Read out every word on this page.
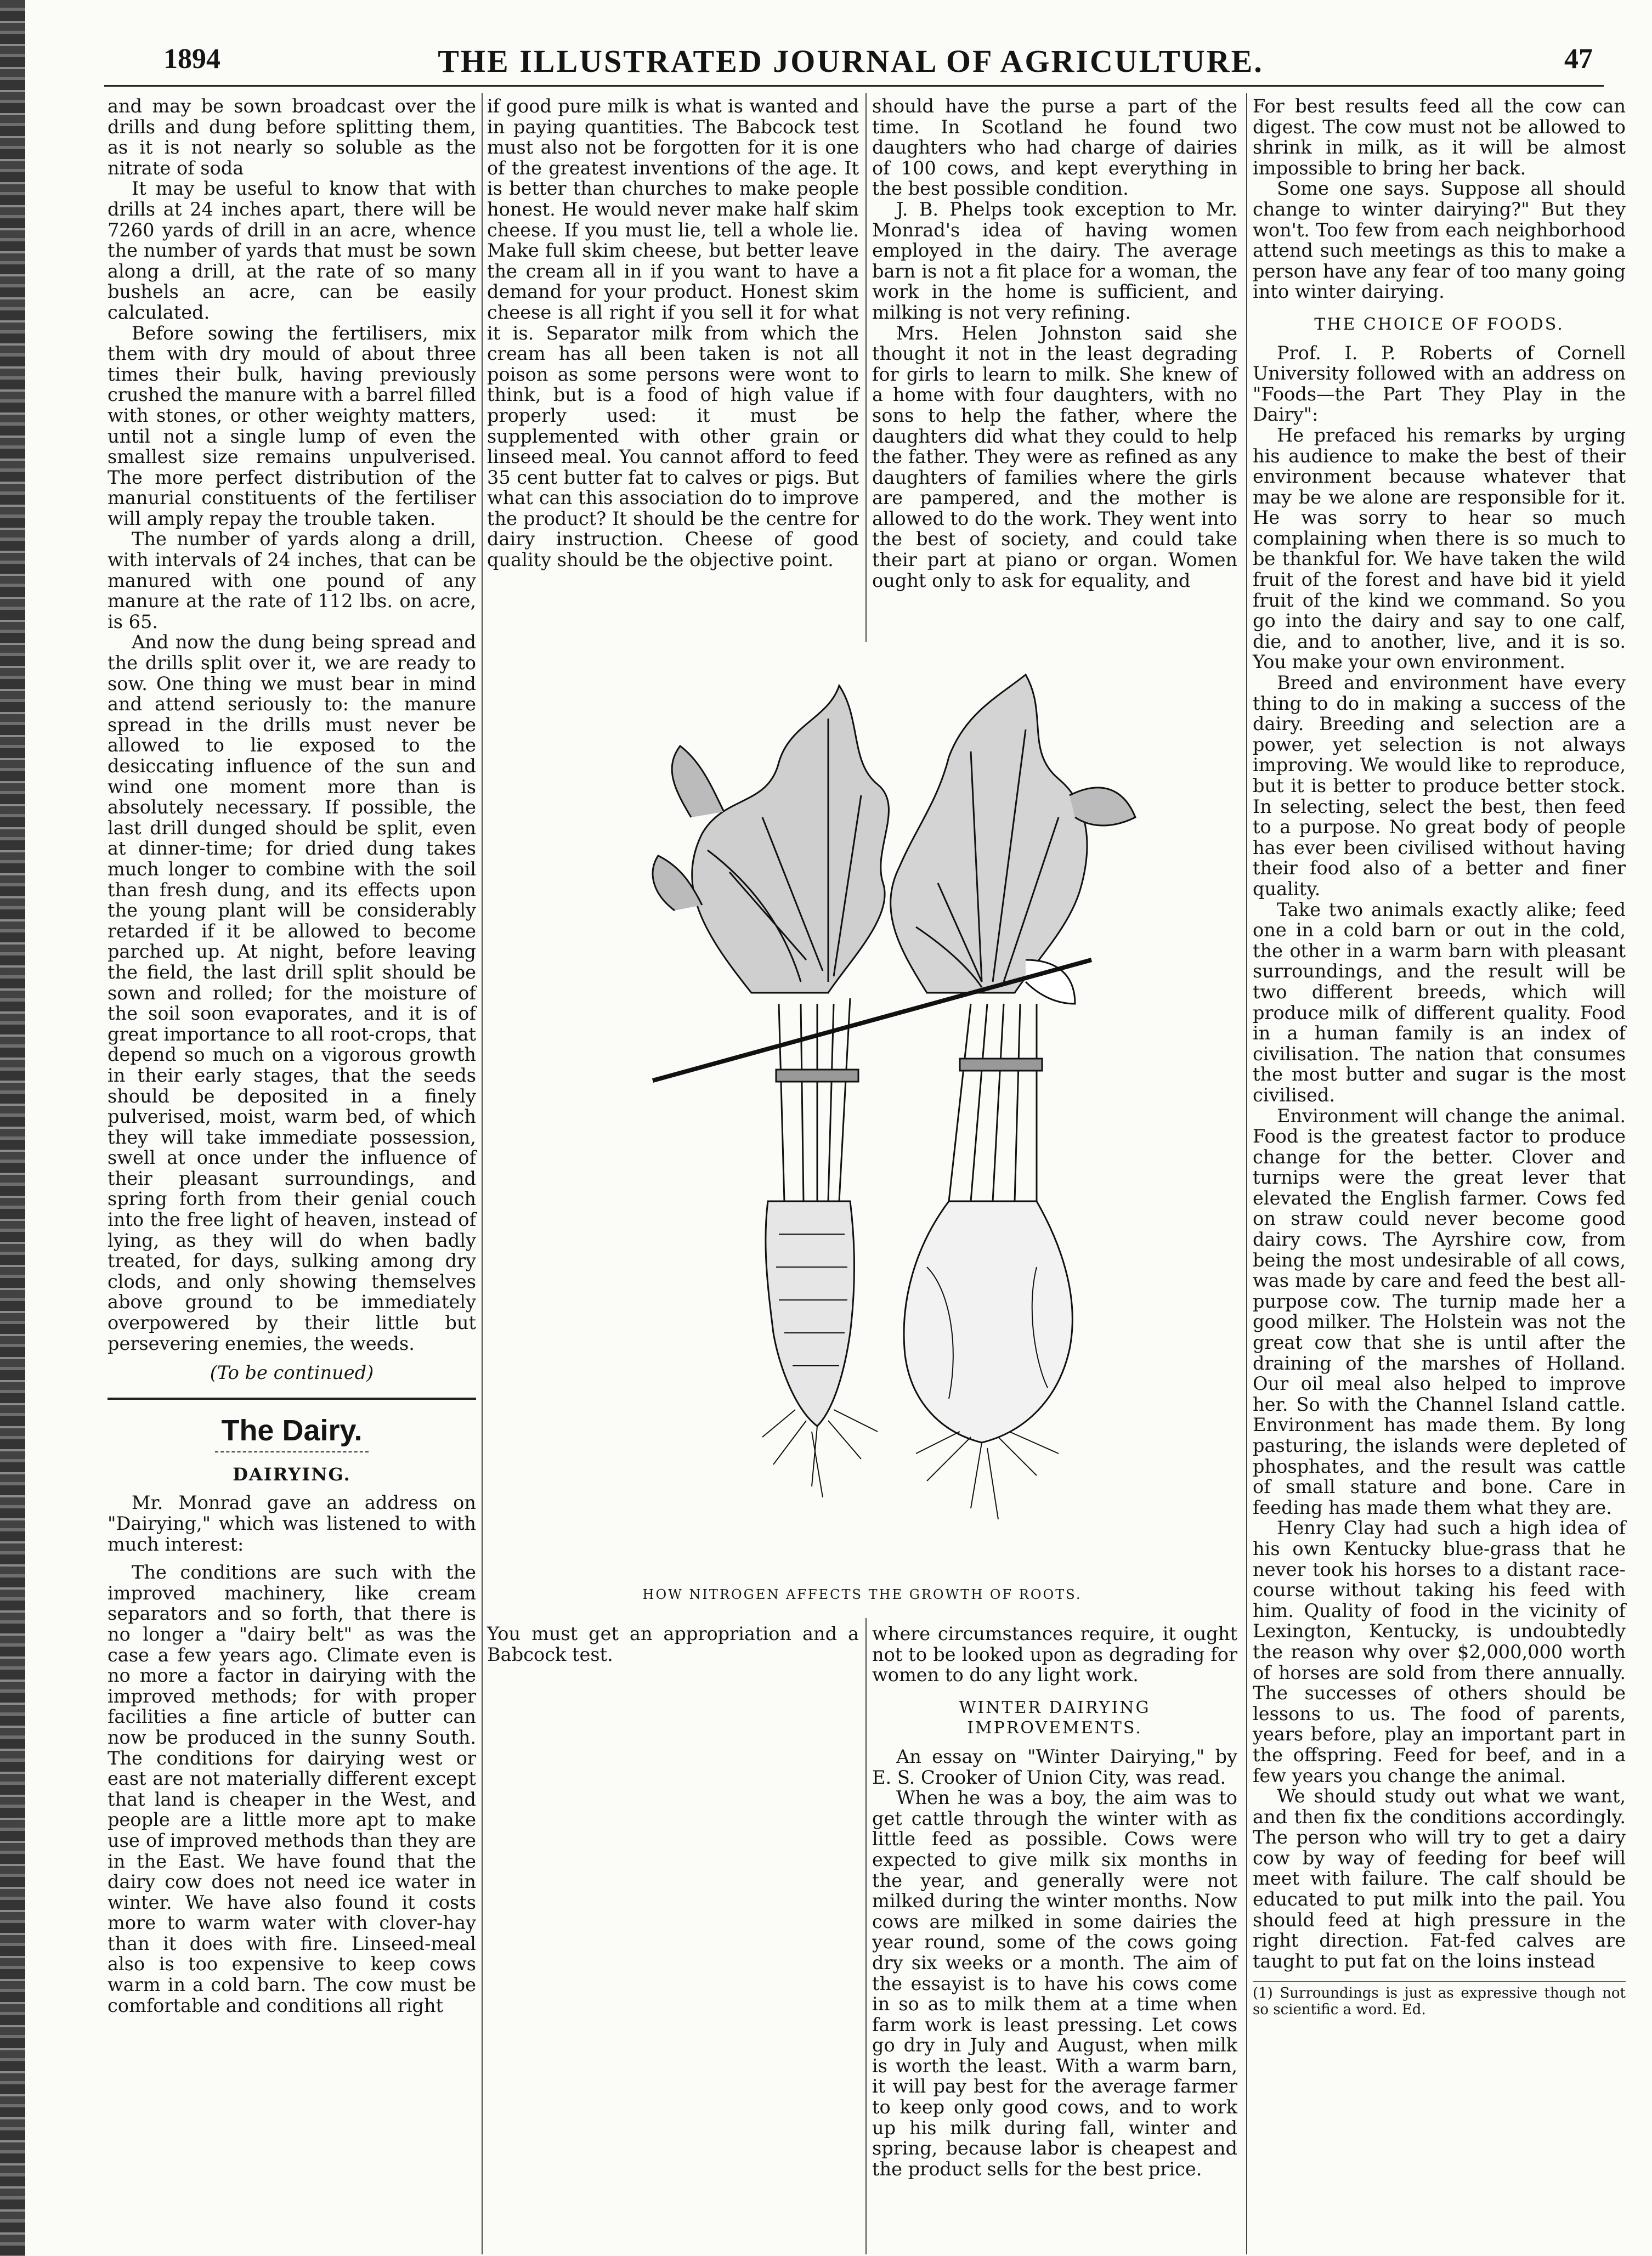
1894	THE ILLUSTRATED JOURNAL OF AGRICULTURE.	47

and may be sown broadcast over the drills and dung before splitting them, as it is not nearly so soluble as the nitrate of soda

It may be useful to know that with drills at 24 inches apart, there will be 7260 yards of drill in an acre, whence the number of yards that must be sown along a drill, at the rate of so many bushels an acre, can be easily calculated.

Before sowing the fertilisers, mix them with dry mould of about three times their bulk, having previously crushed the manure with a barrel filled with stones, or other weighty matters, until not a single lump of even the smallest size remains unpulverised. The more perfect distribution of the manurial constituents of the fertiliser will amply repay the trouble taken.

The number of yards along a drill, with intervals of 24 inches, that can be manured with one pound of any manure at the rate of 112 lbs. on acre, is 65.

And now the dung being spread and the drills split over it, we are ready to sow. One thing we must bear in mind and attend seriously to: the manure spread in the drills must never be allowed to lie exposed to the desiccating influence of the sun and wind one moment more than is absolutely necessary. If possible, the last drill dunged should be split, even at dinner-time; for dried dung takes much longer to combine with the soil than fresh dung, and its effects upon the young plant will be considerably retarded if it be allowed to become parched up. At night, before leaving the field, the last drill split should be sown and rolled; for the moisture of the soil soon evaporates, and it is of great importance to all root-crops, that depend so much on a vigorous growth in their early stages, that the seeds should be deposited in a finely pulverised, moist, warm bed, of which they will take immediate possession, swell at once under the influence of their pleasant surroundings, and spring forth from their genial couch into the free light of heaven, instead of lying, as they will do when badly treated, for days, sulking among dry clods, and only showing themselves above ground to be immediately overpowered by their little but persevering enemies, the weeds.

(To be continued)
The Dairy.
DAIRYING.

Mr. Monrad gave an address on "Dairying," which was listened to with much interest:

The conditions are such with the improved machinery, like cream separators and so forth, that there is no longer a "dairy belt" as was the case a few years ago. Climate even is no more a factor in dairying with the improved methods; for with proper facilities a fine article of butter can now be produced in the sunny South. The conditions for dairying west or east are not materially different except that land is cheaper in the West, and people are a little more apt to make use of improved methods than they are in the East. We have found that the dairy cow does not need ice water in winter. We have also found it costs more to warm water with clover-hay than it does with fire. Linseed-meal also is too expensive to keep cows warm in a cold barn. The cow must be comfortable and conditions all right

if good pure milk is what is wanted and in paying quantities. The Babcock test must also not be forgotten for it is one of the greatest inventions of the age. It is better than churches to make people honest. He would never make half skim cheese. If you must lie, tell a whole lie. Make full skim cheese, but better leave the cream all in if you want to have a demand for your product. Honest skim cheese is all right if you sell it for what it is. Separator milk from which the cream has all been taken is not all poison as some persons were wont to think, but is a food of high value if properly used: it must be supplemented with other grain or linseed meal. You cannot afford to feed 35 cent butter fat to calves or pigs. But what can this association do to improve the product? It should be the centre for dairy instruction. Cheese of good quality should be the objective point.

should have the purse a part of the time. In Scotland he found two daughters who had charge of dairies of 100 cows, and kept everything in the best possible condition.

J. B. Phelps took exception to Mr. Monrad's idea of having women employed in the dairy. The average barn is not a fit place for a woman, the work in the home is sufficient, and milking is not very refining.

Mrs. Helen Johnston said she thought it not in the least degrading for girls to learn to milk. She knew of a home with four daughters, with no sons to help the father, where the daughters did what they could to help the father. They were as refined as any daughters of families where the girls are pampered, and the mother is allowed to do the work. They went into the best of society, and could take their part at piano or organ. Women ought only to ask for equality, and

HOW NITROGEN AFFECTS THE GROWTH OF ROOTS.

You must get an appropriation and a Babcock test.

where circumstances require, it ought not to be looked upon as degrading for women to do any light work.

WINTER DAIRYING IMPROVEMENTS.

An essay on "Winter Dairying," by E. S. Crooker of Union City, was read.

When he was a boy, the aim was to get cattle through the winter with as little feed as possible. Cows were expected to give milk six months in the year, and generally were not milked during the winter months. Now cows are milked in some dairies the year round, some of the cows going dry six weeks or a month. The aim of the essayist is to have his cows come in so as to milk them at a time when farm work is least pressing. Let cows go dry in July and August, when milk is worth the least. With a warm barn, it will pay best for the average farmer to keep only good cows, and to work up his milk during fall, winter and spring, because labor is cheapest and the product sells for the best price.

For best results feed all the cow can digest. The cow must not be allowed to shrink in milk, as it will be almost impossible to bring her back.

Some one says. Suppose all should change to winter dairying?" But they won't. Too few from each neighborhood attend such meetings as this to make a person have any fear of too many going into winter dairying.

THE CHOICE OF FOODS.

Prof. I. P. Roberts of Cornell University followed with an address on "Foods—the Part They Play in the Dairy":

He prefaced his remarks by urging his audience to make the best of their environment because whatever that may be we alone are responsible for it. He was sorry to hear so much complaining when there is so much to be thankful for. We have taken the wild fruit of the forest and have bid it yield fruit of the kind we command. So you go into the dairy and say to one calf, die, and to another, live, and it is so. You make your own environment.

Breed and environment have every thing to do in making a success of the dairy. Breeding and selection are a power, yet selection is not always improving. We would like to reproduce, but it is better to produce better stock. In selecting, select the best, then feed to a purpose. No great body of people has ever been civilised without having their food also of a better and finer quality.

Take two animals exactly alike; feed one in a cold barn or out in the cold, the other in a warm barn with pleasant surroundings, and the result will be two different breeds, which will produce milk of different quality. Food in a human family is an index of civilisation. The nation that consumes the most butter and sugar is the most civilised.

Environment will change the animal. Food is the greatest factor to produce change for the better. Clover and turnips were the great lever that elevated the English farmer. Cows fed on straw could never become good dairy cows. The Ayrshire cow, from being the most undesirable of all cows, was made by care and feed the best all-purpose cow. The turnip made her a good milker. The Holstein was not the great cow that she is until after the draining of the marshes of Holland. Our oil meal also helped to improve her. So with the Channel Island cattle. Environment has made them. By long pasturing, the islands were depleted of phosphates, and the result was cattle of small stature and bone. Care in feeding has made them what they are.

Henry Clay had such a high idea of his own Kentucky blue-grass that he never took his horses to a distant race-course without taking his feed with him. Quality of food in the vicinity of Lexington, Kentucky, is undoubtedly the reason why over $2,000,000 worth of horses are sold from there annually. The successes of others should be lessons to us. The food of parents, years before, play an important part in the offspring. Feed for beef, and in a few years you change the animal.

We should study out what we want, and then fix the conditions accordingly. The person who will try to get a dairy cow by way of feeding for beef will meet with failure. The calf should be educated to put milk into the pail. You should feed at high pressure in the right direction. Fat-fed calves are taught to put fat on the loins instead

(1) Surroundings is just as expressive though not so scientific a word. Ed.
